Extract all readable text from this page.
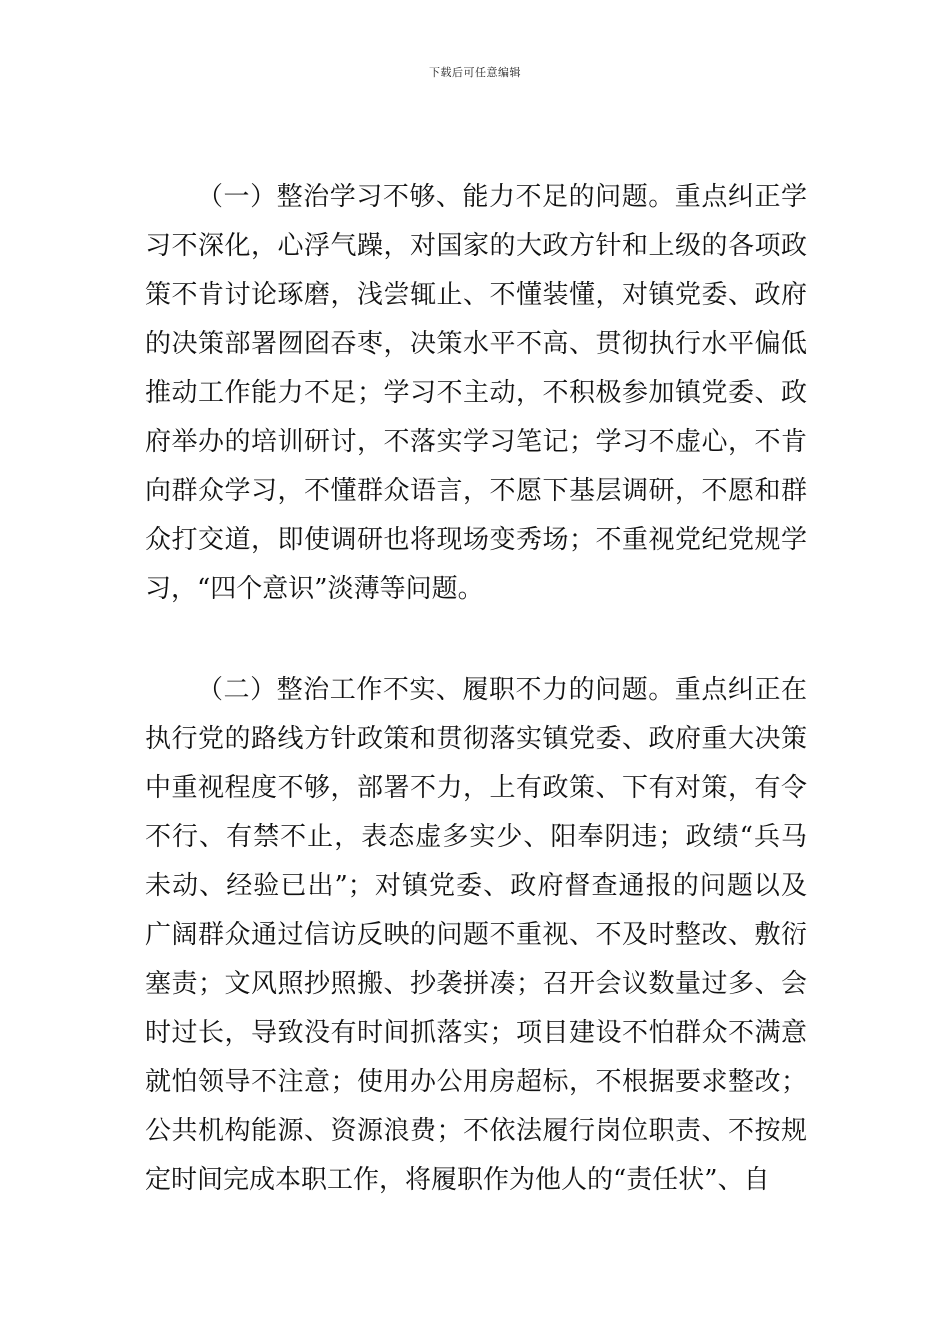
下载后可任意编辑

（一）整治学习不够、能力不足的问题。重点纠正学习不深化，心浮气躁，对国家的大政方针和上级的各项政策不肯讨论琢磨，浅尝辄止、不懂装懂，对镇党委、政府的决策部署囫囵吞枣，决策水平不高、贯彻执行水平偏低推动工作能力不足；学习不主动，不积极参加镇党委、政府举办的培训研讨，不落实学习笔记；学习不虚心，不肯向群众学习，不懂群众语言，不愿下基层调研，不愿和群众打交道，即使调研也将现场变秀场；不重视党纪党规学习，“四个意识”淡薄等问题。

（二）整治工作不实、履职不力的问题。重点纠正在执行党的路线方针政策和贯彻落实镇党委、政府重大决策中重视程度不够，部署不力，上有政策、下有对策，有令不行、有禁不止，表态虚多实少、阳奉阴违；政绩“兵马未动、经验已出”；对镇党委、政府督查通报的问题以及广阔群众通过信访反映的问题不重视、不及时整改、敷衍塞责；文风照抄照搬、抄袭拼凑；召开会议数量过多、会时过长，导致没有时间抓落实；项目建设不怕群众不满意就怕领导不注意；使用办公用房超标，不根据要求整改；公共机构能源、资源浪费；不依法履行岗位职责、不按规定时间完成本职工作，将履职作为他人的“责任状”、自
